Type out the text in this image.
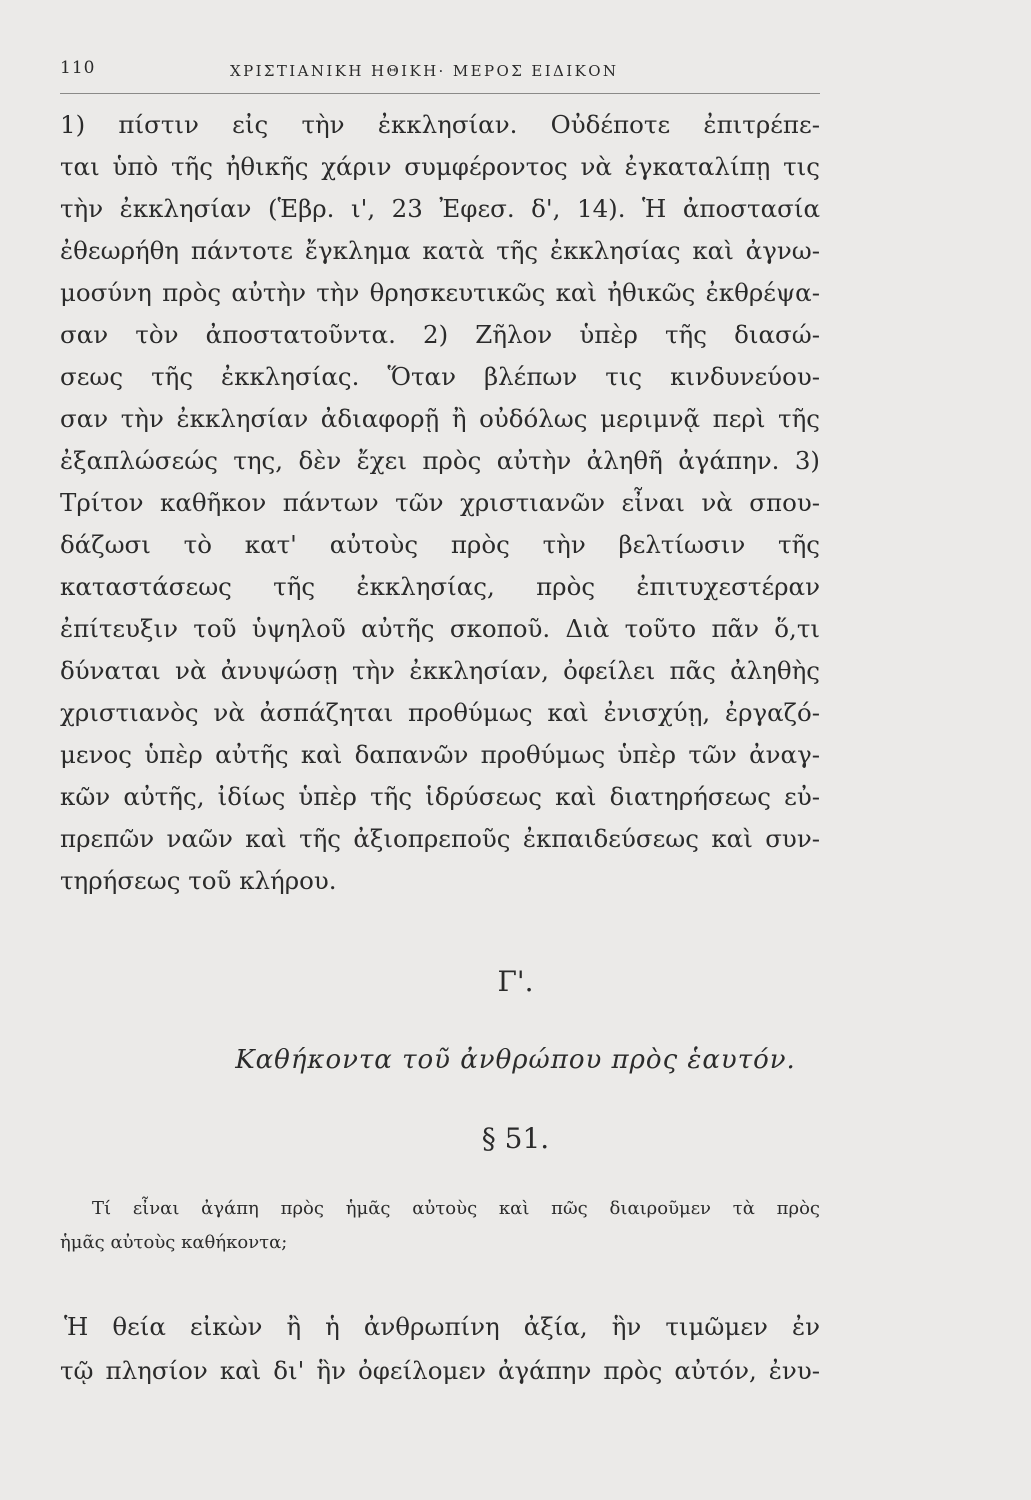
110	ΧΡΙΣΤΙΑΝΙΚΗ ΗΘΙΚΗ· ΜΕΡΟΣ ΕΙΔΙΚΟΝ
1) πίστιν εἰς τὴν ἐκκλησίαν. Οὐδέποτε ἐπιτρέπε-
ται ὑπὸ τῆς ἠθικῆς χάριν συμφέροντος νὰ ἐγκαταλίπῃ τις
τὴν ἐκκλησίαν (Ἑβρ. ι', 23 Ἐφεσ. δ', 14). Ἡ ἀποστασία
ἐθεωρήθη πάντοτε ἔγκλημα κατὰ τῆς ἐκκλησίας καὶ ἀγνω-
μοσύνη πρὸς αὐτὴν τὴν θρησκευτικῶς καὶ ἠθικῶς ἐκθρέψα-
σαν τὸν ἀποστατοῦντα. 2) Ζῆλον ὑπὲρ τῆς διασώ-
σεως τῆς ἐκκλησίας. Ὅταν βλέπων τις κινδυνεύου-
σαν τὴν ἐκκλησίαν ἀδιαφορῇ ἢ οὐδόλως μεριμνᾷ περὶ τῆς
ἐξαπλώσεώς της, δὲν ἔχει πρὸς αὐτὴν ἀληθῆ ἀγάπην. 3)
Τρίτον καθῆκον πάντων τῶν χριστιανῶν εἶναι νὰ σπου-
δάζωσι τὸ κατ' αὐτοὺς πρὸς τὴν βελτίωσιν τῆς
καταστάσεως τῆς ἐκκλησίας, πρὸς ἐπιτυχεστέραν
ἐπίτευξιν τοῦ ὑψηλοῦ αὐτῆς σκοποῦ. Διὰ τοῦτο πᾶν ὅ,τι
δύναται νὰ ἀνυψώσῃ τὴν ἐκκλησίαν, ὀφείλει πᾶς ἀληθὴς
χριστιανὸς νὰ ἀσπάζηται προθύμως καὶ ἐνισχύῃ, ἐργαζό-
μενος ὑπὲρ αὐτῆς καὶ δαπανῶν προθύμως ὑπὲρ τῶν ἀναγ-
κῶν αὐτῆς, ἰδίως ὑπὲρ τῆς ἱδρύσεως καὶ διατηρήσεως εὐ-
πρεπῶν ναῶν καὶ τῆς ἀξιοπρεποῦς ἐκπαιδεύσεως καὶ συν-
τηρήσεως τοῦ κλήρου.
Γ'.
Καθήκοντα τοῦ ἀνθρώπου πρὸς ἑαυτόν.
§ 51.
Τί εἶναι ἀγάπη πρὸς ἡμᾶς αὐτοὺς καὶ πῶς διαιροῦμεν τὰ πρὸς
ἡμᾶς αὐτοὺς καθήκοντα;
Ἡ θεία εἰκὼν ἢ ἡ ἀνθρωπίνη ἀξία, ἣν τιμῶμεν ἐν
τῷ πλησίον καὶ δι' ἣν ὀφείλομεν ἀγάπην πρὸς αὐτόν, ἐνυ-
